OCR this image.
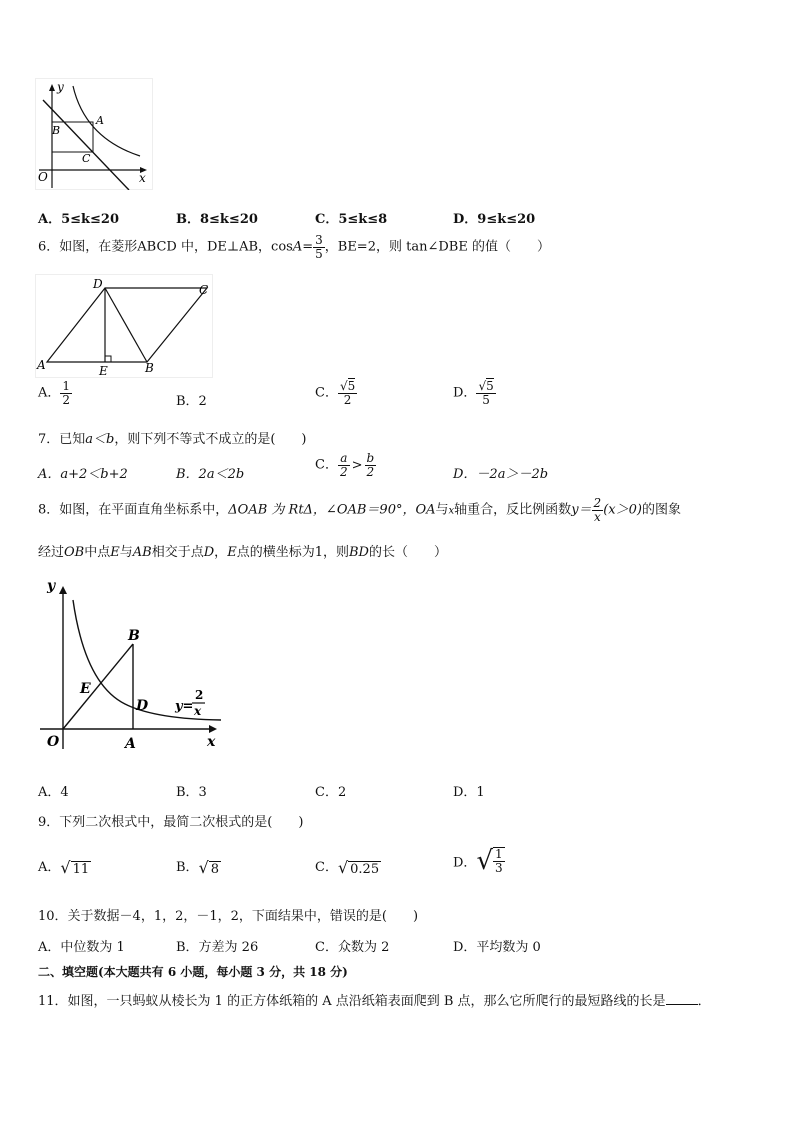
O	x
y
A
B
C
A．5≤k≤20	B．8≤k≤20	C．5≤k≤8	D．9≤k≤20
6．如图，在菱形ABCD 中，DE⊥AB，$\cos A= \frac{3}{5}$ ，BE=2，则 tan∠DBE 的值（　　）
D	C
A	E	B
A． $\frac{1}{2}$	B．2
C． $\frac{√5}{2}$	D． $\frac{√5}{5}$
7．已知a＜b，则下列不等式不成立的是(　　)
A．a+2＜b+2	B．2a＜2b
C． $\frac{a}{2} > \frac{b}{2}$	D．－2a＞－2b
8．如图，在平面直角坐标系中，ΔOAB 为 RtΔ，∠OAB＝90°，OA与x轴重合，反比例函数$y= \frac{2}{x} (x>0)$的图象
经过OB中点E与AB相交于点D，E点的横坐标为1，则BD的长（　　）
y
x
O	A
B
E
D y=
2
x
A．4	B．3	C．2	D．1
9．下列二次根式中，最简二次根式的是(　　)
A．√ 11	B．√ 8	C．√ 0.25	D．√ $\frac{1}{3}$
10．关于数据－4，1，2，－1，2，下面结果中，错误的是(　　)
A．中位数为 1	B．方差为 26	C．众数为 2	D．平均数为 0
二、填空题(本大题共有 6 小题，每小题 3 分，共 18 分)
11．如图，一只蚂蚁从棱长为 1 的正方体纸箱的 A 点沿纸箱表面爬到 B 点，那么它所爬行的最短路线的长是 ．
